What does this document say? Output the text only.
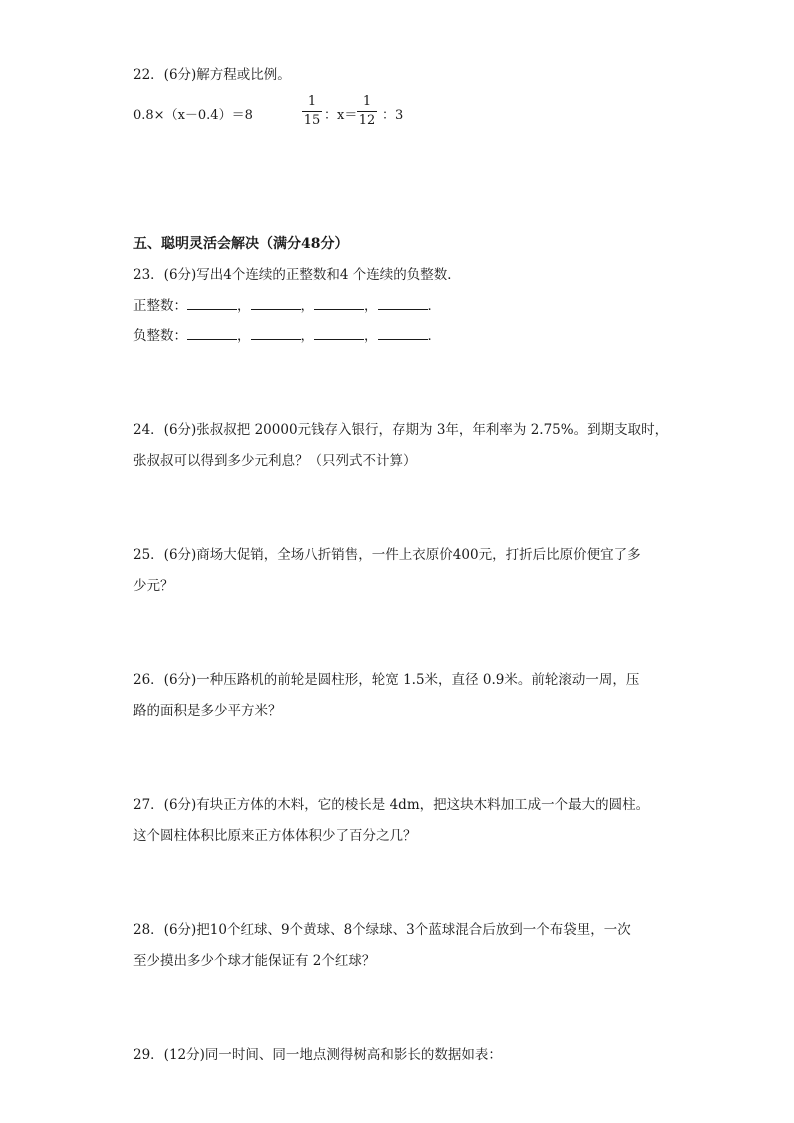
22．(6分)解方程或比例。
0.8×（x－0.4）＝8
1
15 ：x＝
1
12 ：3
五、聪明灵活会解决（满分48分）
23．(6分)写出4个连续的正整数和4 个连续的负整数．
正整数：	，	，	，	．
负整数：	，	，	，	．
24．(6分)张叔叔把 20000元钱存入银行，存期为 3年，年利率为 2.75%。到期支取时，
张叔叔可以得到多少元利息？（只列式不计算）
25．(6分)商场大促销，全场八折销售，一件上衣原价400元，打折后比原价便宜了多
少元？
26．(6分)一种压路机的前轮是圆柱形，轮宽 1.5米，直径 0.9米。前轮滚动一周，压
路的面积是多少平方米？
27．(6分)有块正方体的木料，它的棱长是 4dm，把这块木料加工成一个最大的圆柱。
这个圆柱体积比原来正方体体积少了百分之几？
28．(6分)把10个红球、9个黄球、8个绿球、3个蓝球混合后放到一个布袋里，一次
至少摸出多少个球才能保证有 2个红球？
29．(12分)同一时间、同一地点测得树高和影长的数据如表：
